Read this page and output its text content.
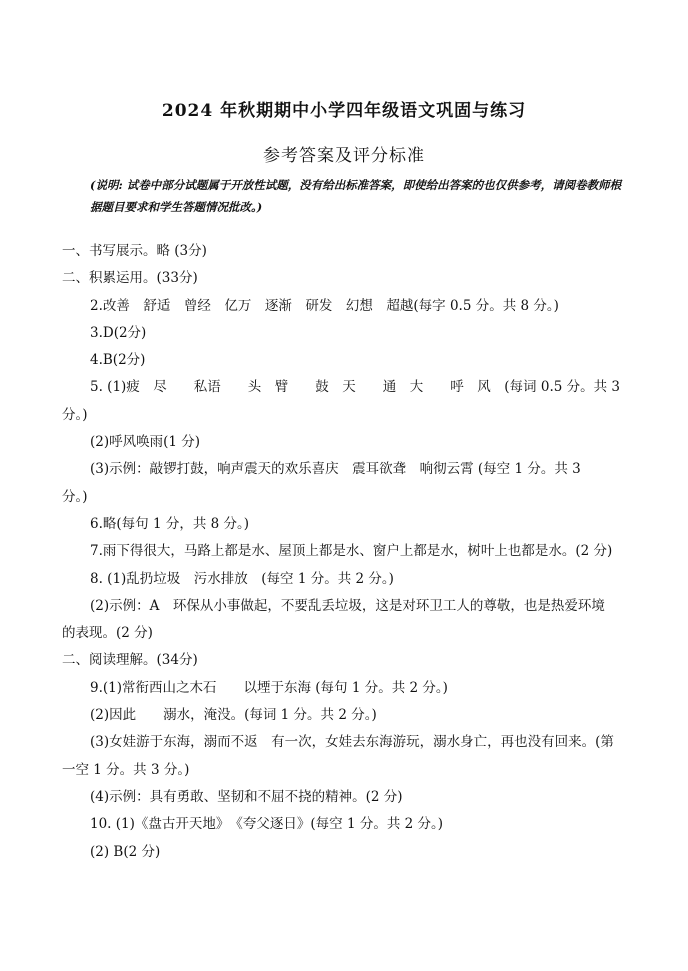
2024 年秋期期中小学四年级语文巩固与练习
参考答案及评分标准
(说明: 试卷中部分试题属于开放性试题，没有给出标准答案，即使给出答案的也仅供参考，请阅卷教师根据题目要求和学生答题情况批改。)

一、书写展示。略 (3分)

二、积累运用。(33分)

2.改善　舒适　曾经　亿万　逐渐　研发　幻想　超越(每字 0.5 分。共 8 分。)

3.D(2分)

4.B(2分)

5. (1)疲　尽　　私语　　头　臂　　鼓　天　　通　大　　呼　风　(每词 0.5 分。共 3

分。)

(2)呼风唤雨(1 分)

(3)示例：敲锣打鼓，响声震天的欢乐喜庆　震耳欲聋　响彻云霄 (每空 1 分。共 3

分。)

6.略(每句 1 分，共 8 分。)

7.雨下得很大，马路上都是水、屋顶上都是水、窗户上都是水，树叶上也都是水。(2 分)

8. (1)乱扔垃圾　污水排放　(每空 1 分。共 2 分。)

(2)示例：A　环保从小事做起，不要乱丢垃圾，这是对环卫工人的尊敬，也是热爱环境

的表现。(2 分)

二、阅读理解。(34分)

9.(1)常衔西山之木石　　以堙于东海 (每句 1 分。共 2 分。)

(2)因此　　溺水，淹没。(每词 1 分。共 2 分。)

(3)女娃游于东海，溺而不返　有一次，女娃去东海游玩，溺水身亡，再也没有回来。(第

一空 1 分。共 3 分。)

(4)示例：具有勇敢、坚韧和不屈不挠的精神。(2 分)

10. (1)《盘古开天地》　《夸父逐日》(每空 1 分。共 2 分。)

(2) B(2 分)
